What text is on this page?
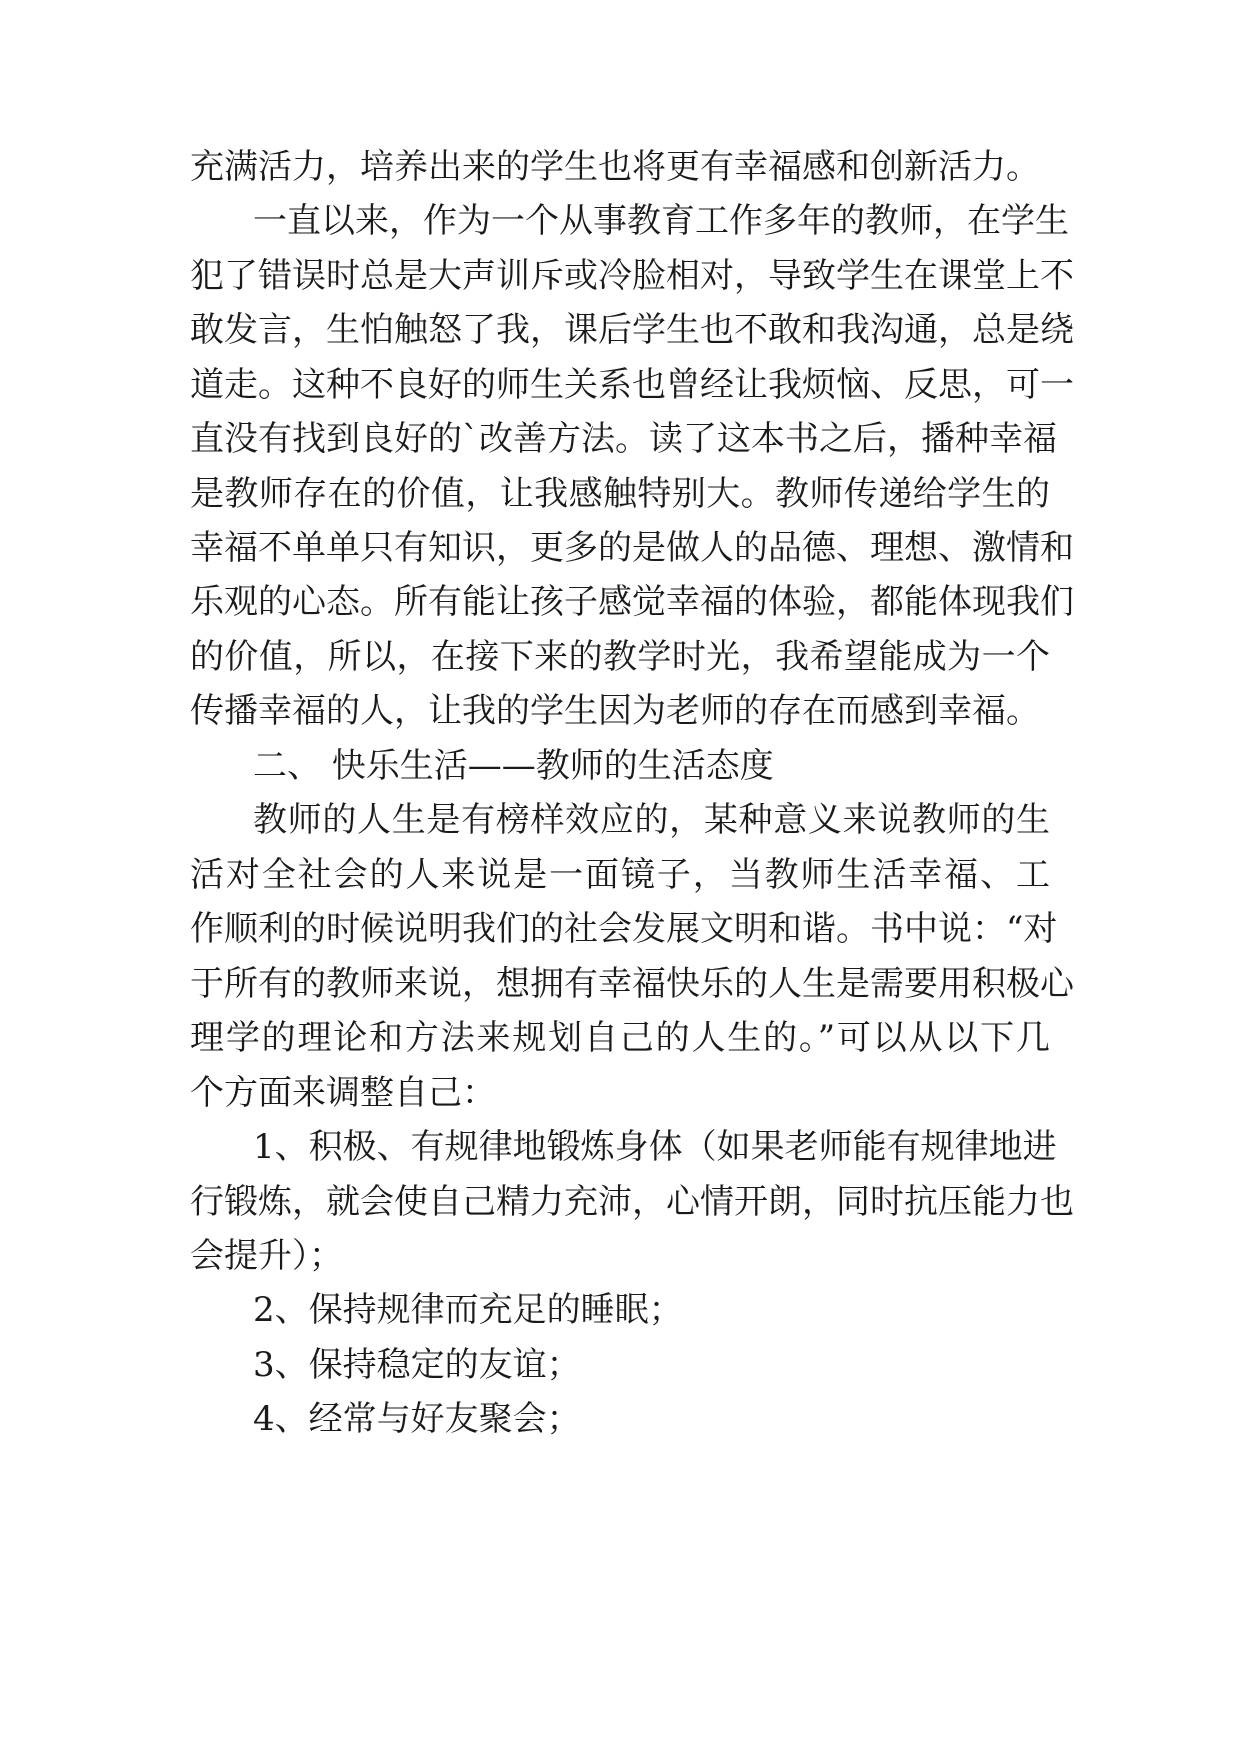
充满活力，培养出来的学生也将更有幸福感和创新活力。
一直以来，作为一个从事教育工作多年的教师，在学生
犯了错误时总是大声训斥或冷脸相对，导致学生在课堂上不
敢发言，生怕触怒了我，课后学生也不敢和我沟通，总是绕
道走。这种不良好的师生关系也曾经让我烦恼、反思，可一
直没有找到良好的`改善方法。读了这本书之后，播种幸福
是教师存在的价值，让我感触特别大。教师传递给学生的
幸福不单单只有知识，更多的是做人的品德、理想、激情和
乐观的心态。所有能让孩子感觉幸福的体验，都能体现我们
的价值，所以，在接下来的教学时光，我希望能成为一个
传播幸福的人，让我的学生因为老师的存在而感到幸福。
二、 快乐生活——教师的生活态度
教师的人生是有榜样效应的，某种意义来说教师的生
活对全社会的人来说是一面镜子，当教师生活幸福、工
作顺利的时候说明我们的社会发展文明和谐。书中说：“对
于所有的教师来说，想拥有幸福快乐的人生是需要用积极心
理学的理论和方法来规划自己的人生的。”可以从以下几
个方面来调整自己：
1、积极、有规律地锻炼身体（如果老师能有规律地进
行锻炼，就会使自己精力充沛，心情开朗，同时抗压能力也
会提升）；
2、保持规律而充足的睡眠；
3、保持稳定的友谊；
4、经常与好友聚会；
